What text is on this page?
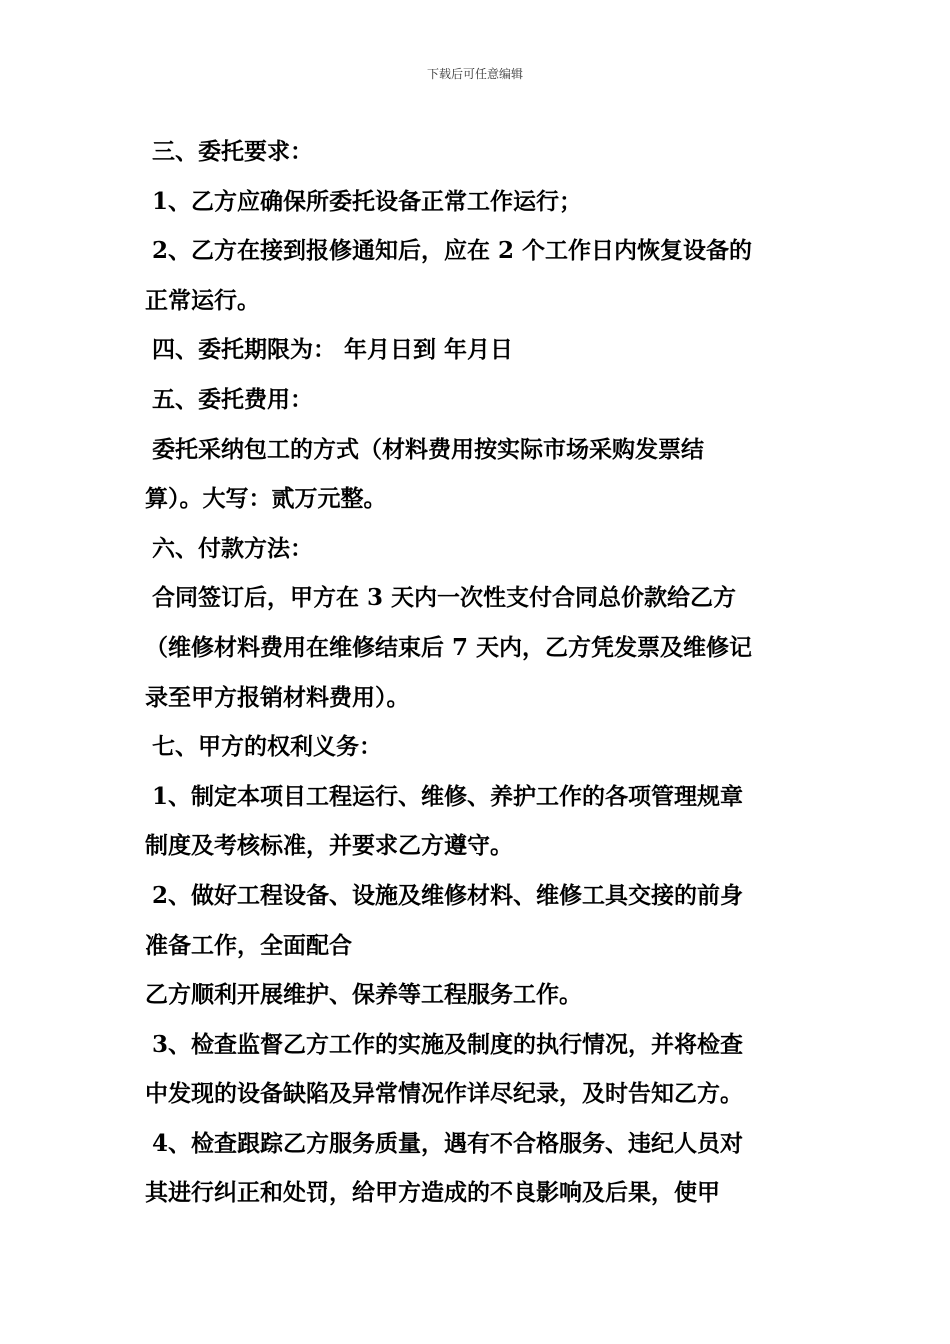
下载后可任意编辑
三、委托要求：
1、乙方应确保所委托设备正常工作运行；
2、乙方在接到报修通知后，应在 2 个工作日内恢复设备的
正常运行。
四、委托期限为： 年月日到 年月日
五、委托费用：
委托采纳包工的方式（材料费用按实际市场采购发票结
算）。大写：贰万元整。
六、付款方法：
合同签订后，甲方在 3 天内一次性支付合同总价款给乙方
（维修材料费用在维修结束后 7 天内，乙方凭发票及维修记
录至甲方报销材料费用）。
七、甲方的权利义务：
1、制定本项目工程运行、维修、养护工作的各项管理规章
制度及考核标准，并要求乙方遵守。
2、做好工程设备、设施及维修材料、维修工具交接的前身
准备工作，全面配合
乙方顺利开展维护、保养等工程服务工作。
3、检查监督乙方工作的实施及制度的执行情况，并将检查
中发现的设备缺陷及异常情况作详尽纪录，及时告知乙方。
4、检查跟踪乙方服务质量，遇有不合格服务、违纪人员对
其进行纠正和处罚，给甲方造成的不良影响及后果，使甲
